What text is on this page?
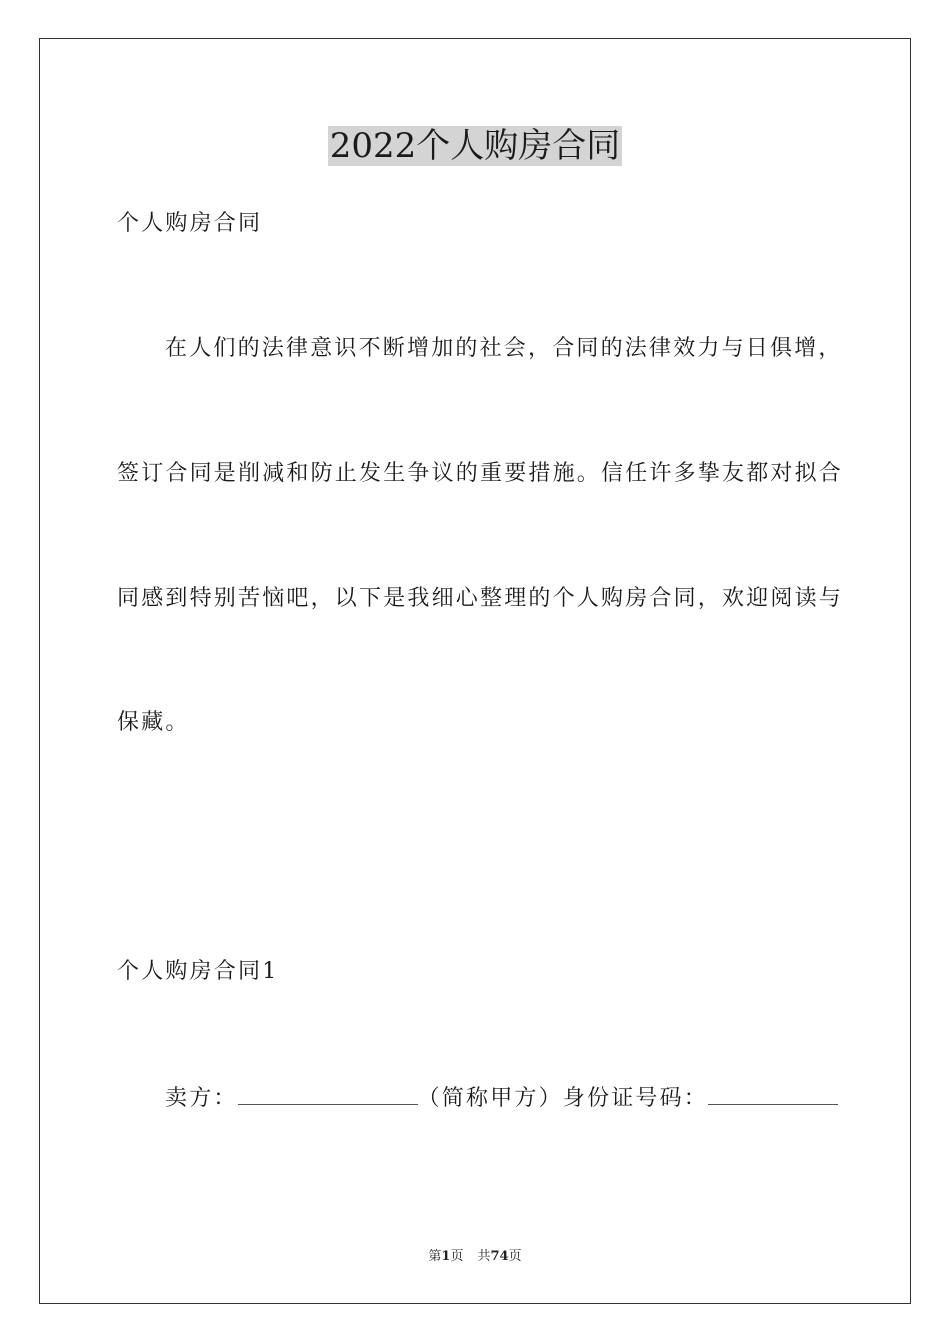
2022个人购房合同
个人购房合同
在人们的法律意识不断增加的社会，合同的法律效力与日俱增，
签订合同是削减和防止发生争议的重要措施。信任许多挚友都对拟合
同感到特别苦恼吧，以下是我细心整理的个人购房合同，欢迎阅读与
保藏。
个人购房合同1
卖方：	（简称甲方）身份证号码：
第1页 共74页
